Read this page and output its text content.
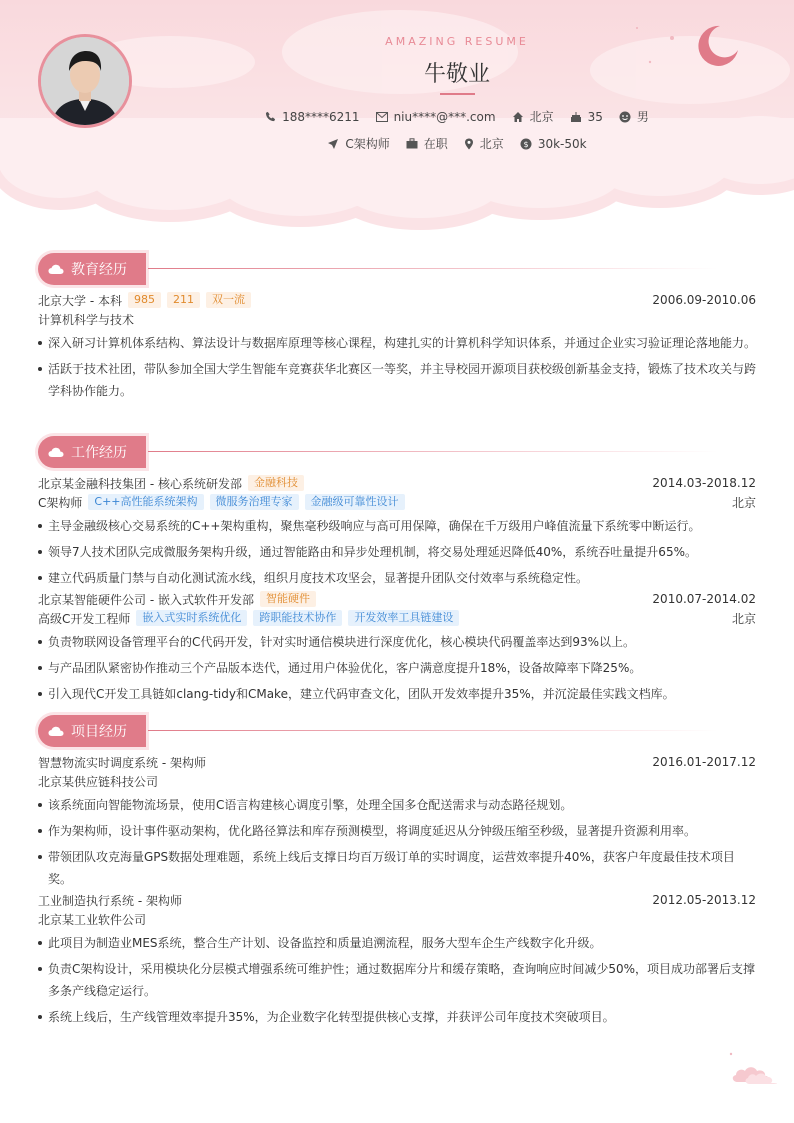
AMAZING RESUME
牛敬业
188****6211	niu****@***.com	北京	35	男
C架构师	在职	北京 $ 30k-50k
教育经历
北京大学 - 本科	985	211	双一流	2006.09-2010.06
计算机科学与技术
深入研习计算机体系结构、算法设计与数据库原理等核心课程，构建扎实的计算机科学知识体系，并通过企业实习验证理论落地能力。
活跃于技术社团，带队参加全国大学生智能车竞赛获华北赛区一等奖，并主导校园开源项目获校级创新基金支持，锻炼了技术攻关与跨学科协作能力。
工作经历
北京某金融科技集团 - 核心系统研发部	金融科技	2014.03-2018.12
C架构师	C++高性能系统架构	微服务治理专家	金融级可靠性设计	北京
主导金融级核心交易系统的C++架构重构，聚焦毫秒级响应与高可用保障，确保在千万级用户峰值流量下系统零中断运行。
领导7人技术团队完成微服务架构升级，通过智能路由和异步处理机制，将交易处理延迟降低40%，系统吞吐量提升65%。
建立代码质量门禁与自动化测试流水线，组织月度技术攻坚会，显著提升团队交付效率与系统稳定性。
北京某智能硬件公司 - 嵌入式软件开发部	智能硬件	2010.07-2014.02
高级C开发工程师	嵌入式实时系统优化	跨职能技术协作	开发效率工具链建设	北京
负责物联网设备管理平台的C代码开发，针对实时通信模块进行深度优化，核心模块代码覆盖率达到93%以上。
与产品团队紧密协作推动三个产品版本迭代，通过用户体验优化，客户满意度提升18%，设备故障率下降25%。
引入现代C开发工具链如clang-tidy和CMake，建立代码审查文化，团队开发效率提升35%，并沉淀最佳实践文档库。
项目经历
智慧物流实时调度系统 - 架构师	2016.01-2017.12
北京某供应链科技公司
该系统面向智能物流场景，使用C语言构建核心调度引擎，处理全国多仓配送需求与动态路径规划。
作为架构师，设计事件驱动架构，优化路径算法和库存预测模型，将调度延迟从分钟级压缩至秒级，显著提升资源利用率。
带领团队攻克海量GPS数据处理难题，系统上线后支撑日均百万级订单的实时调度，运营效率提升40%，获客户年度最佳技术项目奖。
工业制造执行系统 - 架构师	2012.05-2013.12
北京某工业软件公司
此项目为制造业MES系统，整合生产计划、设备监控和质量追溯流程，服务大型车企生产线数字化升级。
负责C架构设计，采用模块化分层模式增强系统可维护性；通过数据库分片和缓存策略，查询响应时间减少50%，项目成功部署后支撑多条产线稳定运行。
系统上线后，生产线管理效率提升35%，为企业数字化转型提供核心支撑，并获评公司年度技术突破项目。
